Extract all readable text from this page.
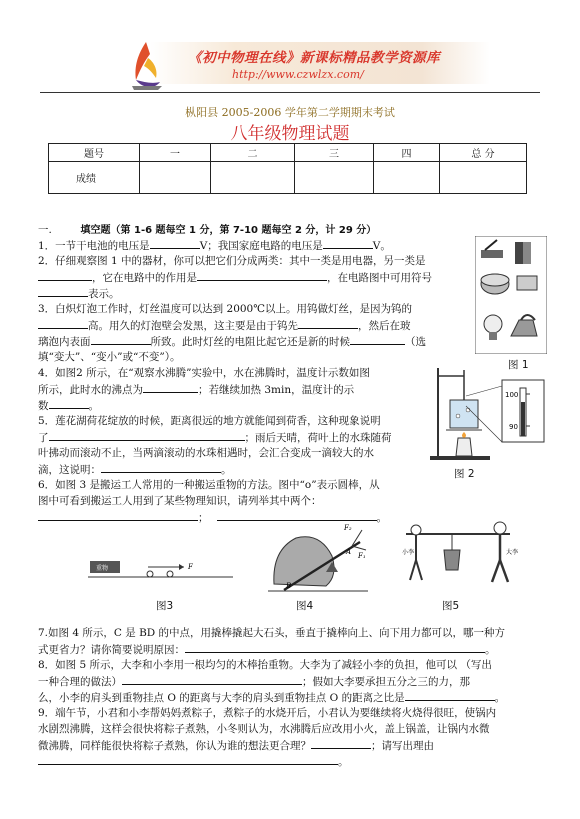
《初中物理在线》新课标精品教学资源库
http://www.czwlzx.com/
枞阳县 2005-2006 学年第二学期期末考试
八年级物理试题
题号	一	二	三	四	总 分
成绩					
一.	填空题（第 1-6 题每空 1 分，第 7-10 题每空 2 分，计 29 分）
1．一节干电池的电压是	V；我国家庭电路的电压是	V。
2．仔细观察图 1 中的器材，你可以把它们分成两类：其中一类是用电器，另一类是
，它在电路中的作用是	，在电路图中可用符号
表示。
3．白炽灯泡工作时，灯丝温度可以达到 2000℃以上。用钨做灯丝，是因为钨的
高。用久的灯泡壁会发黑，这主要是由于钨先	，然后在玻
璃泡内表面	所致。此时灯丝的电阻比起它还是新的时候	（选
填“变大”、“变小”或“不变”）。
4．如图2 所示，在“观察水沸腾”实验中，水在沸腾时，温度计示数如图
所示，此时水的沸点为	；若继续加热 3min，温度计的示
数	。
5．莲花湖荷花绽放的时候，距离很远的地方就能闻到荷香，这种现象说明
了	；雨后天晴，荷叶上的水珠随荷
叶拂动而滚动不止，当两滴滚动的水珠相遇时，会汇合变成一滴较大的水
滴，这说明：	。
6．如图 3 是搬运工人常用的一种搬运重物的方法。图中“o”表示圆棒，从
图中可看到搬运工人用到了某些物理知识，请列举其中两个：
；	。
图 1
100
90
图 2
重物	F
图3
F₂
F₁
A
B
图4
小李	大李
图5
7.如图 4 所示，C 是 BD 的中点，用撬棒撬起大石头，垂直于撬棒向上、向下用力都可以，哪一种方
式更省力？请你简要说明原因：	。
8．如图 5 所示，大李和小李用一根均匀的木棒抬重物。大李为了减轻小李的负担，他可以 （写出
一种合理的做法）	；假如大李要承担五分之三的力，那
么，小李的肩头到重物挂点 O 的距离与大李的肩头到重物挂点 O 的距离之比是	。
9．端午节，小君和小李帮妈妈煮粽子，煮粽子的水烧开后，小君认为要继续将火烧得很旺，使锅内
水剧烈沸腾，这样会很快将粽子煮熟，小冬则认为，水沸腾后应改用小火，盖上锅盖，让锅内水微
微沸腾，同样能很快将粽子煮熟，你认为谁的想法更合理？	；请写出理由
。
